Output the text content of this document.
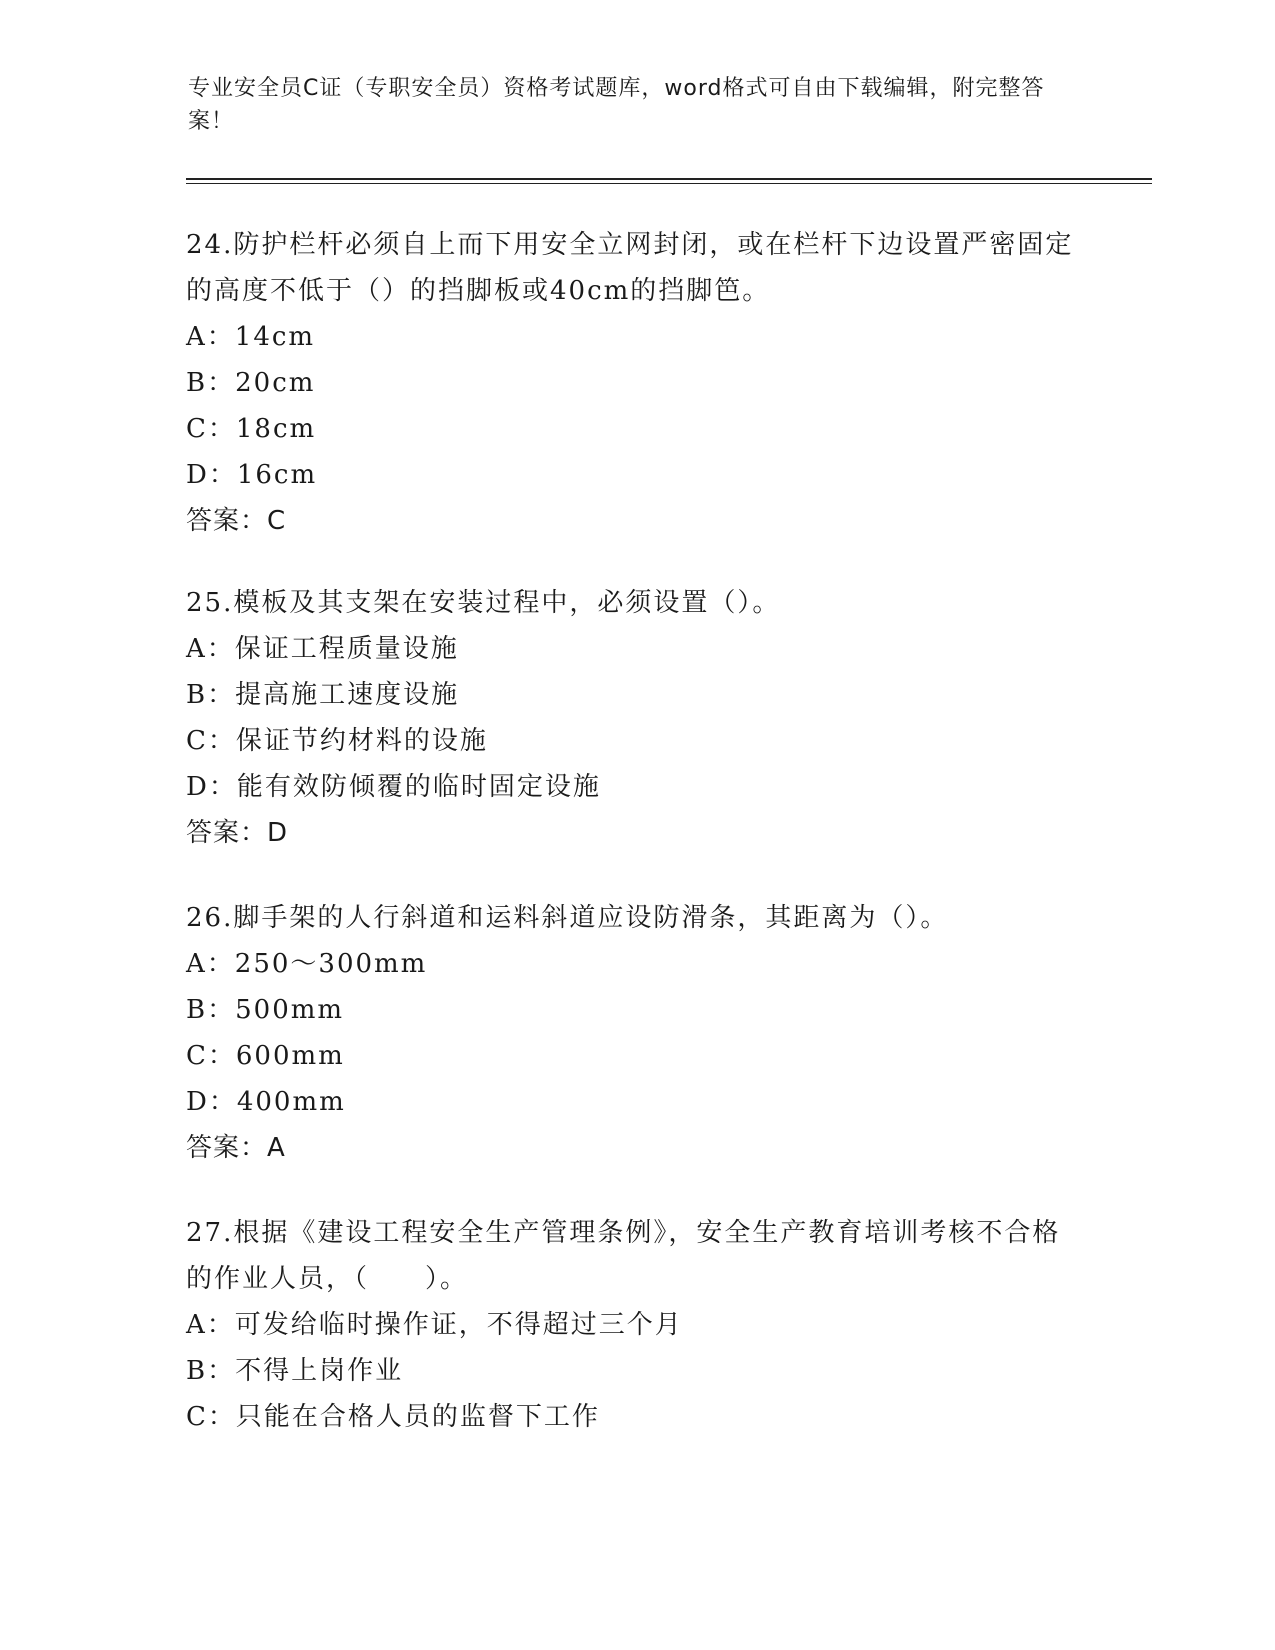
专业安全员C证（专职安全员）资格考试题库，word格式可自由下载编辑，附完整答案！

24.防护栏杆必须自上而下用安全立网封闭，或在栏杆下边设置严密固定的高度不低于（）的挡脚板或40cm的挡脚笆。

A：14cm

B：20cm

C：18cm

D：16cm

答案：C

25.模板及其支架在安装过程中，必须设置（）。

A：保证工程质量设施

B：提高施工速度设施

C：保证节约材料的设施

D：能有效防倾覆的临时固定设施

答案：D

26.脚手架的人行斜道和运料斜道应设防滑条，其距离为（）。

A：250～300mm

B：500mm

C：600mm

D：400mm

答案：A

27.根据《建设工程安全生产管理条例》，安全生产教育培训考核不合格的作业人员，（　　）。

A：可发给临时操作证，不得超过三个月

B：不得上岗作业

C：只能在合格人员的监督下工作
